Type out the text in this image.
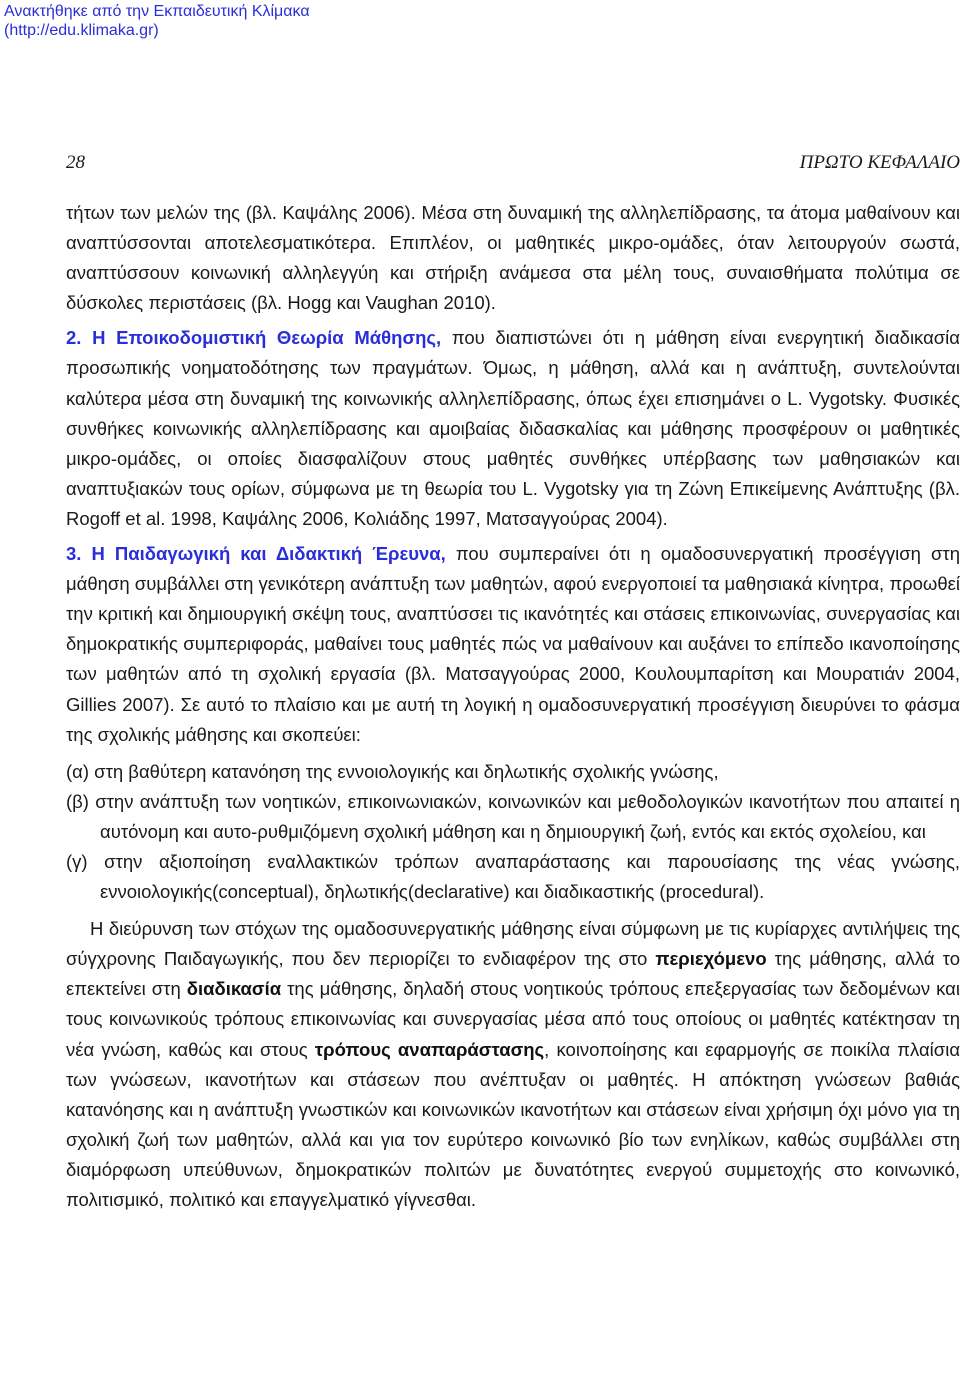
Ανακτήθηκε από την Εκπαιδευτική Κλίμακα
(http://edu.klimaka.gr)
28	ΠΡΩΤΟ ΚΕΦΑΛΑΙΟ

τήτων των μελών της (βλ. Καψάλης 2006). Μέσα στη δυναμική της αλληλεπίδρασης, τα άτομα μαθαίνουν και αναπτύσσονται αποτελεσματικότερα. Επιπλέον, οι μαθητικές μικρο-ομάδες, όταν λειτουργούν σωστά, αναπτύσσουν κοινωνική αλληλεγγύη και στήριξη ανάμεσα στα μέλη τους, συναισθήματα πολύτιμα σε δύσκολες περιστάσεις (βλ. Hogg και Vaughan 2010).

2. Η Εποικοδομιστική Θεωρία Μάθησης, που διαπιστώνει ότι η μάθηση είναι ενεργητική διαδικασία προσωπικής νοηματοδότησης των πραγμάτων. Όμως, η μάθηση, αλλά και η ανάπτυξη, συντελούνται καλύτερα μέσα στη δυναμική της κοινωνικής αλληλεπίδρασης, όπως έχει επισημάνει ο L. Vygotsky. Φυσικές συνθήκες κοινωνικής αλληλεπίδρασης και αμοιβαίας διδασκαλίας και μάθησης προσφέρουν οι μαθητικές μικρο-ομάδες, οι οποίες διασφαλίζουν στους μαθητές συνθήκες υπέρβασης των μαθησιακών και αναπτυξιακών τους ορίων, σύμφωνα με τη θεωρία του L. Vygotsky για τη Ζώνη Επικείμενης Ανάπτυξης (βλ. Rogoff et al. 1998, Καψάλης 2006, Κολιάδης 1997, Ματσαγγούρας 2004).

3. Η Παιδαγωγική και Διδακτική Έρευνα, που συμπεραίνει ότι η ομαδοσυνεργατική προσέγγιση στη μάθηση συμβάλλει στη γενικότερη ανάπτυξη των μαθητών, αφού ενεργοποιεί τα μαθησιακά κίνητρα, προωθεί την κριτική και δημιουργική σκέψη τους, αναπτύσσει τις ικανότητές και στάσεις επικοινωνίας, συνεργασίας και δημοκρατικής συμπεριφοράς, μαθαίνει τους μαθητές πώς να μαθαίνουν και αυξάνει το επίπεδο ικανοποίησης των μαθητών από τη σχολική εργασία (βλ. Ματσαγγούρας 2000, Κουλουμπαρίτση και Μουρατιάν 2004, Gillies 2007). Σε αυτό το πλαίσιο και με αυτή τη λογική η ομαδοσυνεργατική προσέγγιση διευρύνει το φάσμα της σχολικής μάθησης και σκοπεύει:

(α) στη βαθύτερη κατανόηση της εννοιολογικής και δηλωτικής σχολικής γνώσης,
(β) στην ανάπτυξη των νοητικών, επικοινωνιακών, κοινωνικών και μεθοδολογικών ικανοτήτων που απαιτεί η αυτόνομη και αυτο-ρυθμιζόμενη σχολική μάθηση και η δημιουργική ζωή, εντός και εκτός σχολείου, και
(γ) στην αξιοποίηση εναλλακτικών τρόπων αναπαράστασης και παρουσίασης της νέας γνώσης, εννοιολογικής(conceptual), δηλωτικής(declarative) και διαδικαστικής (procedural).

Η διεύρυνση των στόχων της ομαδοσυνεργατικής μάθησης είναι σύμφωνη με τις κυρίαρχες αντιλήψεις της σύγχρονης Παιδαγωγικής, που δεν περιορίζει το ενδιαφέρον της στο περιεχόμενο της μάθησης, αλλά το επεκτείνει στη διαδικασία της μάθησης, δηλαδή στους νοητικούς τρόπους επεξεργασίας των δεδομένων και τους κοινωνικούς τρόπους επικοινωνίας και συνεργασίας μέσα από τους οποίους οι μαθητές κατέκτησαν τη νέα γνώση, καθώς και στους τρόπους αναπαράστασης, κοινοποίησης και εφαρμογής σε ποικίλα πλαίσια των γνώσεων, ικανοτήτων και στάσεων που ανέπτυξαν οι μαθητές. Η απόκτηση γνώσεων βαθιάς κατανόησης και η ανάπτυξη γνωστικών και κοινωνικών ικανοτήτων και στάσεων είναι χρήσιμη όχι μόνο για τη σχολική ζωή των μαθητών, αλλά και για τον ευρύτερο κοινωνικό βίο των ενηλίκων, καθώς συμβάλλει στη διαμόρφωση υπεύθυνων, δημοκρατικών πολιτών με δυνατότητες ενεργού συμμετοχής στο κοινωνικό, πολιτισμικό, πολιτικό και επαγγελματικό γίγνεσθαι.
